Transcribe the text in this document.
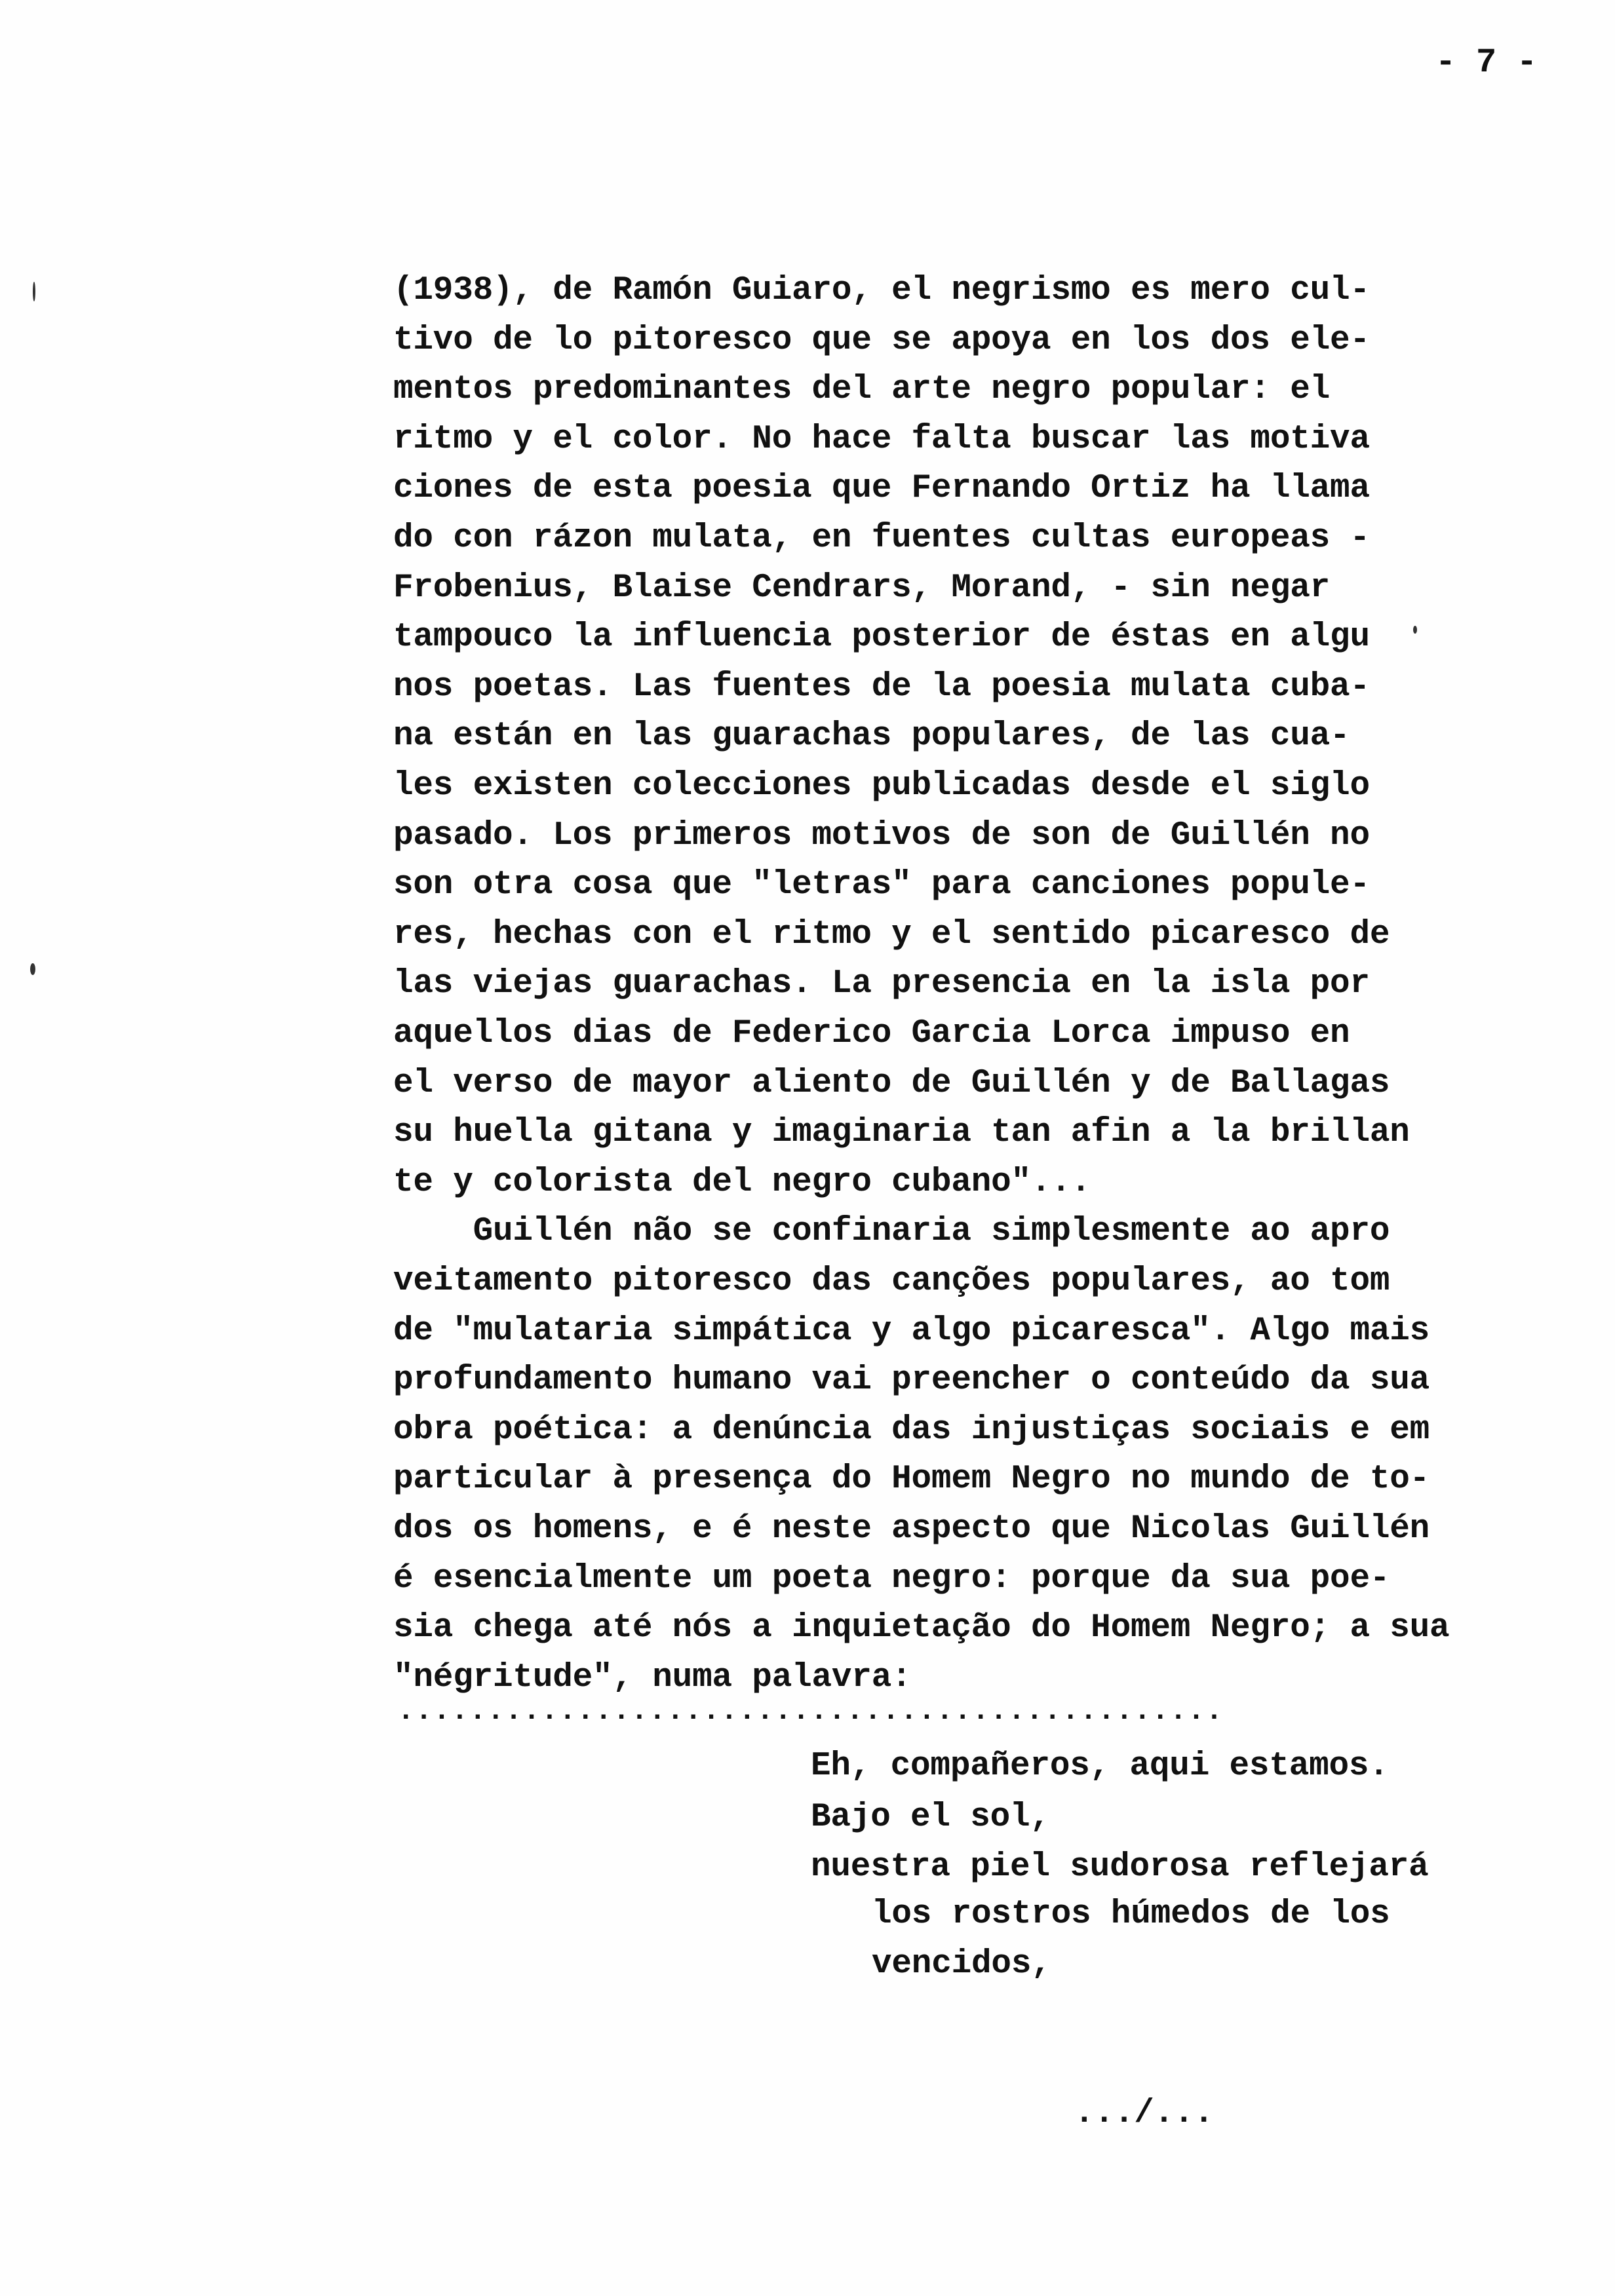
- 7 -
(1938), de Ramón Guiaro, el negrismo es mero cul-
tivo de lo pitoresco que se apoya en los dos ele-
mentos predominantes del arte negro popular: el
ritmo y el color. No hace falta buscar las motiva
ciones de esta poesia que Fernando Ortiz ha llama
do con rázon mulata, en fuentes cultas europeas -
Frobenius, Blaise Cendrars, Morand, - sin negar
tampouco la influencia posterior de éstas en algu
nos poetas. Las fuentes de la poesia mulata cuba-
na están en las guarachas populares, de las cua-
les existen colecciones publicadas desde el siglo
pasado. Los primeros motivos de son de Guillén no
son otra cosa que "letras" para canciones popule-
res, hechas con el ritmo y el sentido picaresco de
las viejas guarachas. La presencia en la isla por
aquellos dias de Federico Garcia Lorca impuso en
el verso de mayor aliento de Guillén y de Ballagas
su huella gitana y imaginaria tan afin a la brillan
te y colorista del negro cubano"...
Guillén não se confinaria simplesmente ao apro
veitamento pitoresco das canções populares, ao tom
de "mulataria simpática y algo picaresca". Algo mais
profundamento humano vai preencher o conteúdo da sua
obra poética: a denúncia das injustiças sociais e em
particular à presença do Homem Negro no mundo de to-
dos os homens, e é neste aspecto que Nicolas Guillén
é esencialmente um poeta negro: porque da sua poe-
sia chega até nós a inquietação do Homem Negro; a sua
"négritude", numa palavra:
..............................................
Eh, compañeros, aqui estamos.
Bajo el sol,
nuestra piel sudorosa reflejará
los rostros húmedos de los
vencidos,
.../...
